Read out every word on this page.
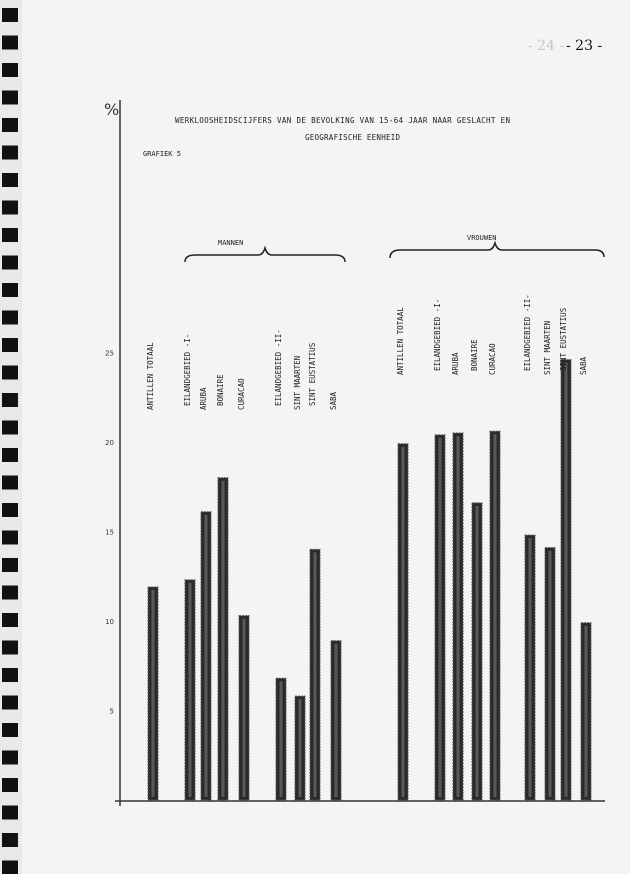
- 24 - - 23 -
%
WERKLOOSHEIDSCIJFERS VAN DE BEVOLKING VAN 15-64 JAAR NAAR GESLACHT EN
GEOGRAFISCHE EENHEID
GRAFIEK 5
MANNEN
VROUWEN
5
10
15
20
25	ANTILLEN TOTAAL	EILANDGEBIED -I- ARUBA BONAIRE CURACAO	EILANDGEBIED -II- SINT MAARTEN SINT EUSTATIUS SABA
ANTILLEN TOTAAL	EILANDGEBIED -I- ARUBA BONAIRE CURACAO	EILANDGEBIED -II- SINT MAARTEN SINT EUSTATIUS SABA
